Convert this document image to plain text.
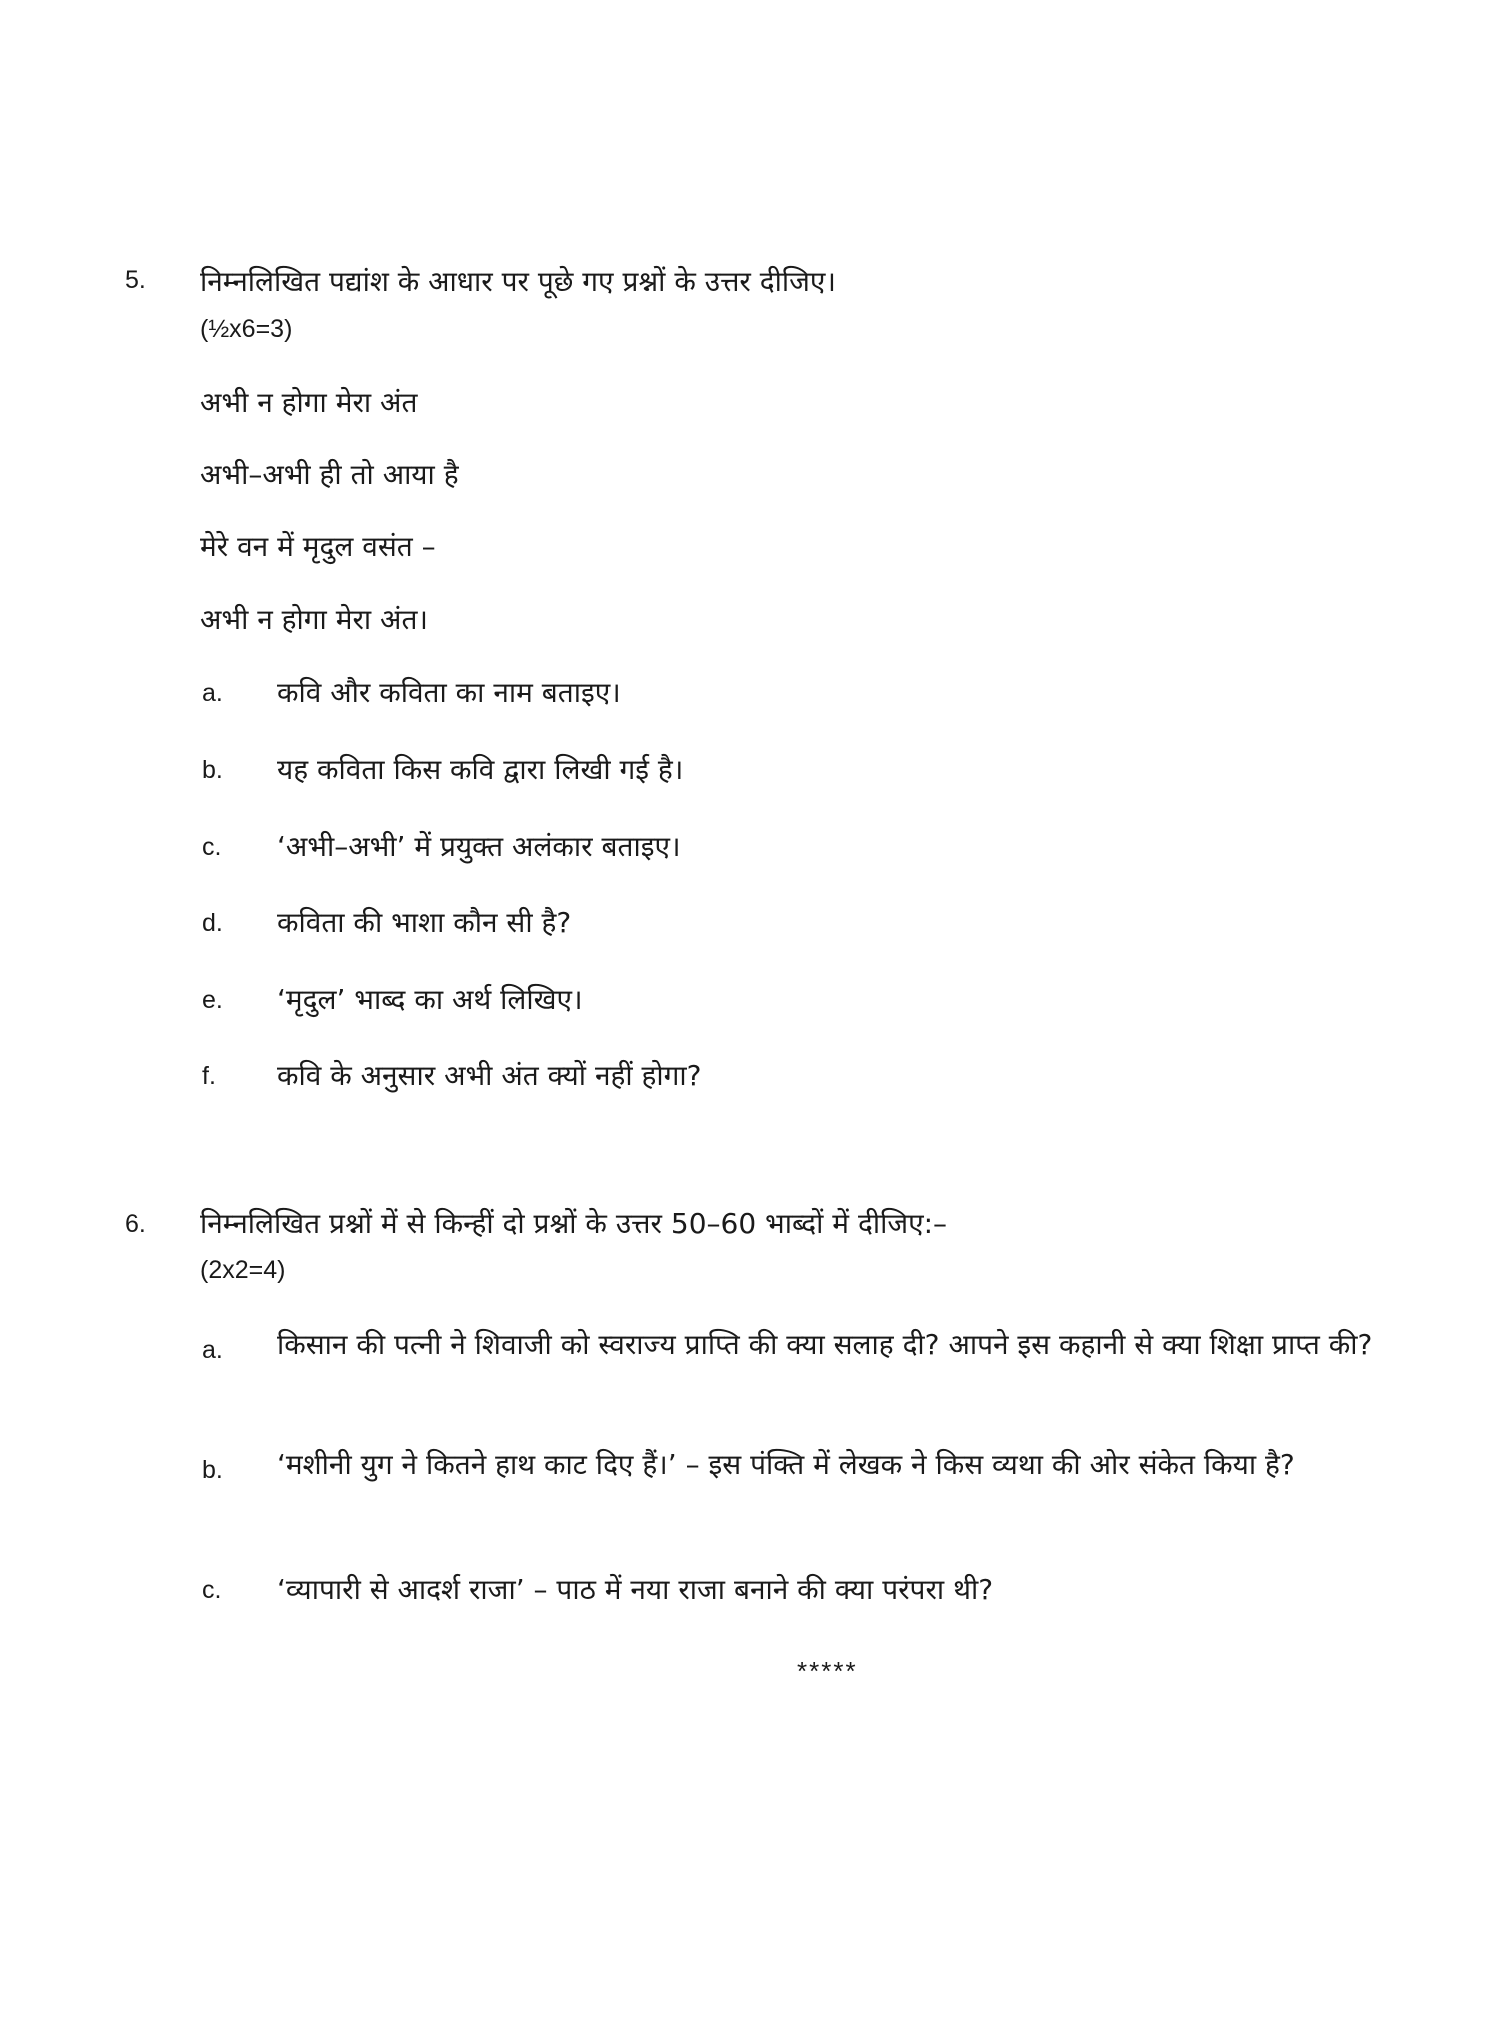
5. निम्नलिखित पद्यांश के आधार पर पूछे गए प्रश्नों के उत्तर दीजिए।
(½x6=3)
अभी न होगा मेरा अंत
अभी–अभी ही तो आया है
मेरे वन में मृदुल वसंत –
अभी न होगा मेरा अंत।
a. कवि और कविता का नाम बताइए।
b. यह कविता किस कवि द्वारा लिखी गई है।
c. ‘अभी–अभी’ में प्रयुक्त अलंकार बताइए।
d. कविता की भाशा कौन सी है?
e. ‘मृदुल’ भाब्द का अर्थ लिखिए।
f. कवि के अनुसार अभी अंत क्यों नहीं होगा?
6. निम्नलिखित प्रश्नों में से किन्हीं दो प्रश्नों के उत्तर 50–60 भाब्दों में दीजिए:–
(2x2=4)
a. किसान की पत्नी ने शिवाजी को स्वराज्य प्राप्ति की क्या सलाह दी? आपने इस कहानी से क्या शिक्षा प्राप्त की?
b. ‘मशीनी युग ने कितने हाथ काट दिए हैं।’ – इस पंक्ति में लेखक ने किस व्यथा की ओर संकेत किया है?
c. ‘व्यापारी से आदर्श राजा’ – पाठ में नया राजा बनाने की क्या परंपरा थी?
*****
